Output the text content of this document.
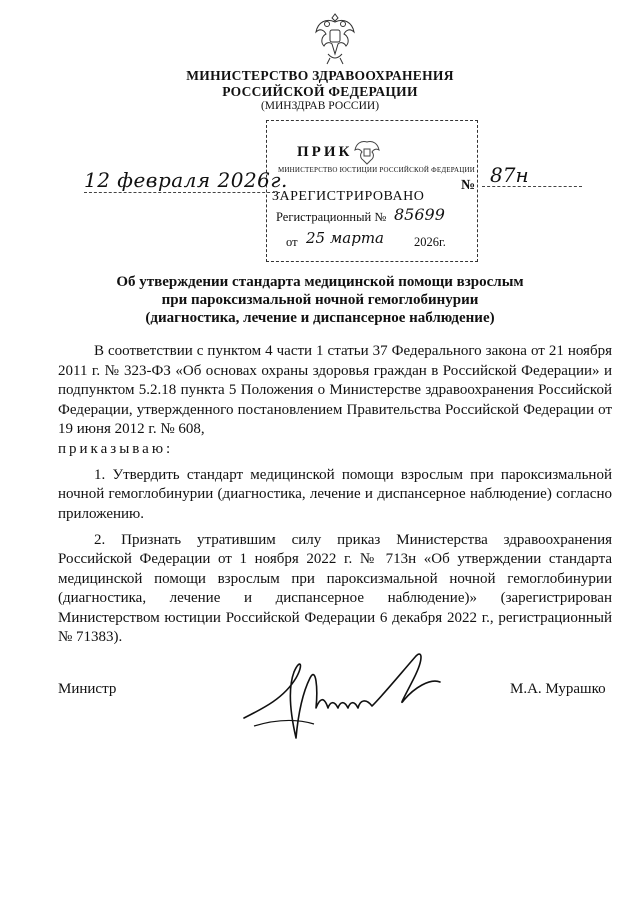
МИНИСТЕРСТВО ЗДРАВООХРАНЕНИЯ
РОССИЙСКОЙ ФЕДЕРАЦИИ
(МИНЗДРАВ РОССИИ)
ПРИК
МИНИСТЕРСТВО ЮСТИЦИИ РОССИЙСКОЙ ФЕДЕРАЦИИ
ЗАРЕГИСТРИРОВАНО
Регистрационный № 85699
от 25 марта 2026г.
12 февраля 2026г.	№ 87н
Об утверждении стандарта медицинской помощи взрослым
при пароксизмальной ночной гемоглобинурии
(диагностика, лечение и диспансерное наблюдение)

В соответствии с пунктом 4 части 1 статьи 37 Федерального закона от 21 ноября 2011 г. № 323-ФЗ «Об основах охраны здоровья граждан в Российской Федерации» и подпунктом 5.2.18 пункта 5 Положения о Министерстве здравоохранения Российской Федерации, утвержденного постановлением Правительства Российской Федерации от 19 июня 2012 г. № 608,
приказываю:

1. Утвердить стандарт медицинской помощи взрослым при пароксизмальной ночной гемоглобинурии (диагностика, лечение и диспансерное наблюдение) согласно приложению.

2. Признать утратившим силу приказ Министерства здравоохранения Российской Федерации от 1 ноября 2022 г. № 713н «Об утверждении стандарта медицинской помощи взрослым при пароксизмальной ночной гемоглобинурии (диагностика, лечение и диспансерное наблюдение)» (зарегистрирован Министерством юстиции Российской Федерации 6 декабря 2022 г., регистрационный № 71383).

Министр	М.А. Мурашко
